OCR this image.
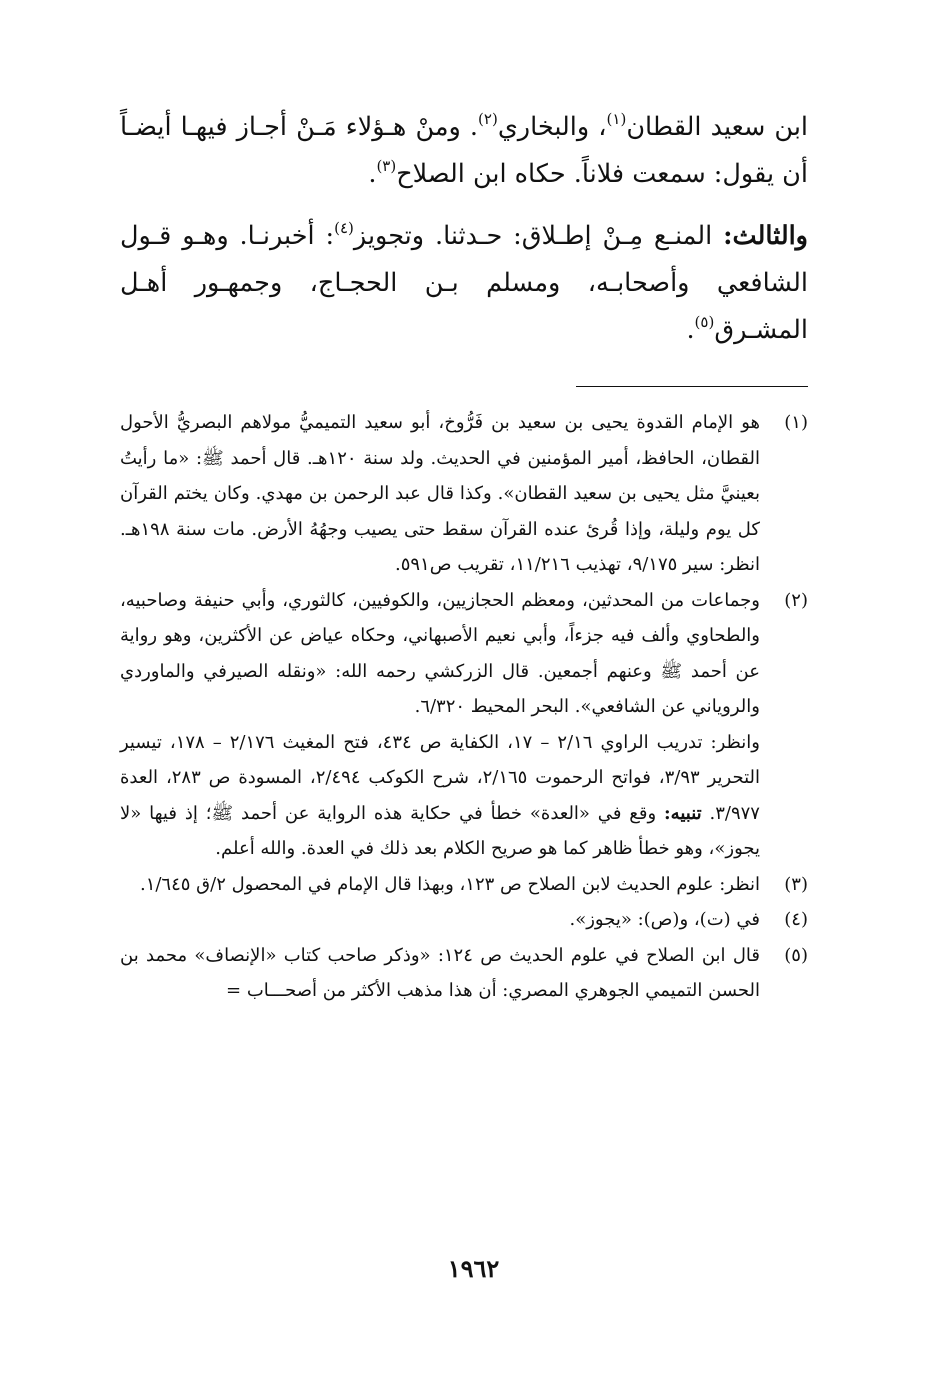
ابن سعيد القطان$^{(١)}$، والبخاري$^{(٢)}$. ومنْ هـؤلاء مَـنْ أجـاز فيهـا أيضـاً أن يقول: سمعت فلاناً. حكاه ابن الصلاح$^{(٣)}$.

والثالث: المنـع مِـنْ إطـلاق: حـدثنا. وتجويز$^{(٤)}$: أخبرنـا. وهـو قـول الشافعي وأصحابـه، ومسلم بـن الحجـاج، وجمهـور أهـل المشـرق$^{(٥)}$.

(١)

هو الإمام القدوة يحيى بن سعيد بن فَرُّوخ، أبو سعيد التميميُّ مولاهم البصريُّ الأحول القطان، الحافظ، أمير المؤمنين في الحديث. ولد سنة ١٢٠هـ. قال أحمد ﷺ: «ما رأيتُ بعينيَّ مثل يحيى بن سعيد القطان». وكذا قال عبد الرحمن بن مهدي. وكان يختم القرآن كل يوم وليلة، وإذا قُرئ عنده القرآن سقط حتى يصيب وجهُهُ الأرض. مات سنة ١٩٨هـ. انظر: سير ٩/١٧٥، تهذيب ١١/٢١٦، تقريب ص٥٩١.

(٢)

وجماعات من المحدثين، ومعظم الحجازيين، والكوفيين، كالثوري، وأبي حنيفة وصاحبيه، والطحاوي وألف فيه جزءاً، وأبي نعيم الأصبهاني، وحكاه عياض عن الأكثرين، وهو رواية عن أحمد ﷺ وعنهم أجمعين. قال الزركشي رحمه الله: «ونقله الصيرفي والماوردي والروياني عن الشافعي». البحر المحيط ٦/٣٢٠.

وانظر: تدريب الراوي ٢/١٦ – ١٧، الكفاية ص ٤٣٤، فتح المغيث ٢/١٧٦ – ١٧٨، تيسير التحرير ٣/٩٣، فواتح الرحموت ٢/١٦٥، شرح الكوكب ٢/٤٩٤، المسودة ص ٢٨٣، العدة ٣/٩٧٧. تنبيه: وقع في «العدة» خطأ في حكاية هذه الرواية عن أحمد ﷺ؛ إذ فيها «لا يجوز»، وهو خطأ ظاهر كما هو صريح الكلام بعد ذلك في العدة. والله أعلم.

(٣)

انظر: علوم الحديث لابن الصلاح ص ١٢٣، وبهذا قال الإمام في المحصول ٢/ق ١/٦٤٥.

(٤)

في (ت)، و(ص): «يجوز».

(٥)

قال ابن الصلاح في علوم الحديث ص ١٢٤: «وذكر صاحب كتاب «الإنصاف» محمد بن الحسن التميمي الجوهري المصري: أن هذا مذهب الأكثر من أصحـــاب =

١٩٦٢
